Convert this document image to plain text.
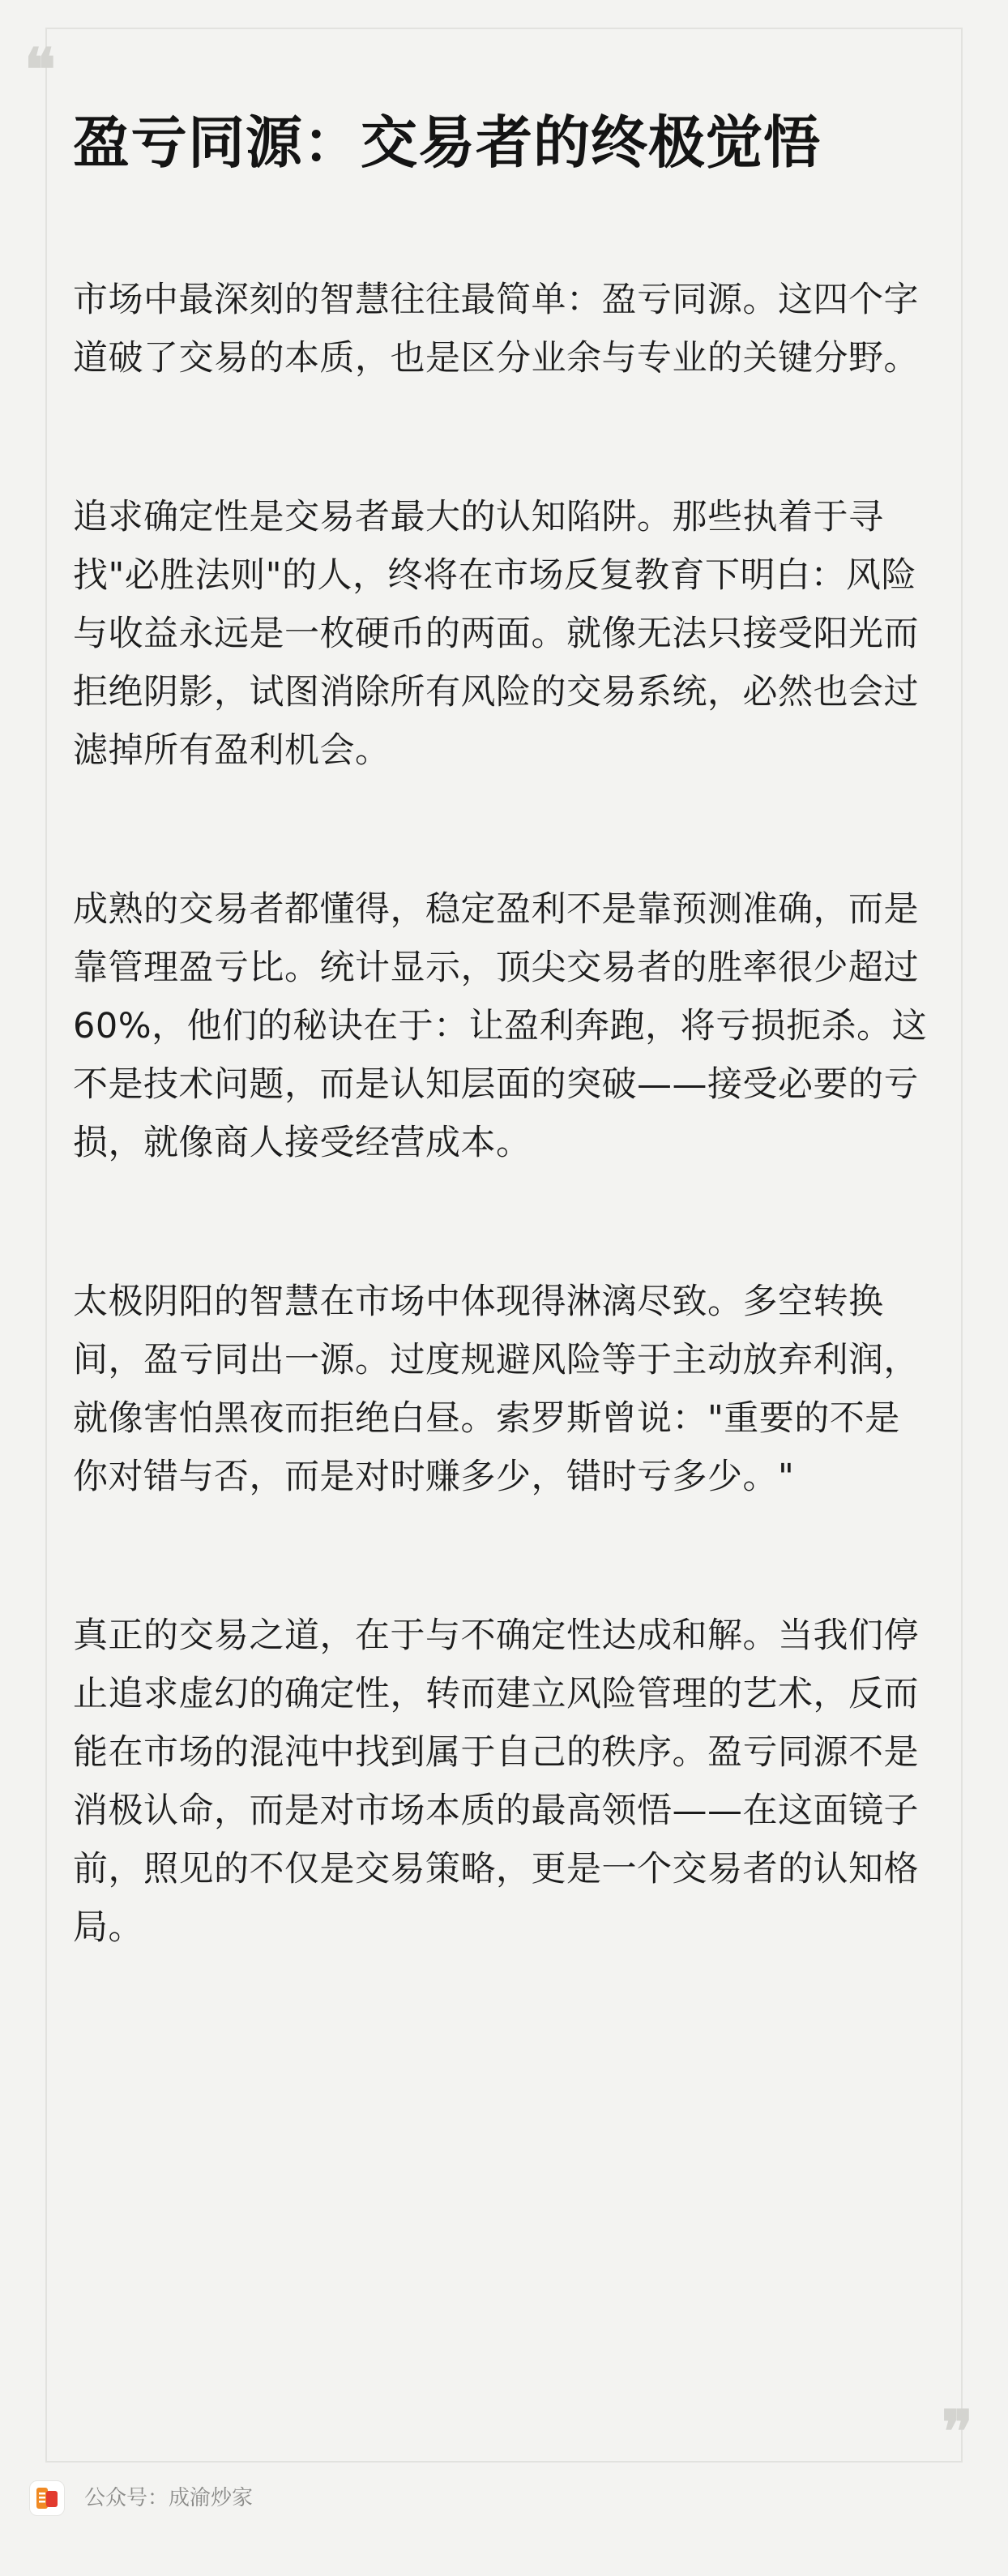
❝
盈亏同源：交易者的终极觉悟

市场中最深刻的智慧往往最简单：盈亏同源。这四个字道破了交易的本质，也是区分业余与专业的关键分野。

追求确定性是交易者最大的认知陷阱。那些执着于寻找"必胜法则"的人，终将在市场反复教育下明白：风险与收益永远是一枚硬币的两面。就像无法只接受阳光而拒绝阴影，试图消除所有风险的交易系统，必然也会过滤掉所有盈利机会。

成熟的交易者都懂得，稳定盈利不是靠预测准确，而是靠管理盈亏比。统计显示，顶尖交易者的胜率很少超过60%，他们的秘诀在于：让盈利奔跑，将亏损扼杀。这不是技术问题，而是认知层面的突破——接受必要的亏损，就像商人接受经营成本。

太极阴阳的智慧在市场中体现得淋漓尽致。多空转换间，盈亏同出一源。过度规避风险等于主动放弃利润，就像害怕黑夜而拒绝白昼。索罗斯曾说："重要的不是你对错与否，而是对时赚多少，错时亏多少。"

真正的交易之道，在于与不确定性达成和解。当我们停止追求虚幻的确定性，转而建立风险管理的艺术，反而能在市场的混沌中找到属于自己的秩序。盈亏同源不是消极认命，而是对市场本质的最高领悟——在这面镜子前，照见的不仅是交易策略，更是一个交易者的认知格局。

❞
公众号：成渝炒家
